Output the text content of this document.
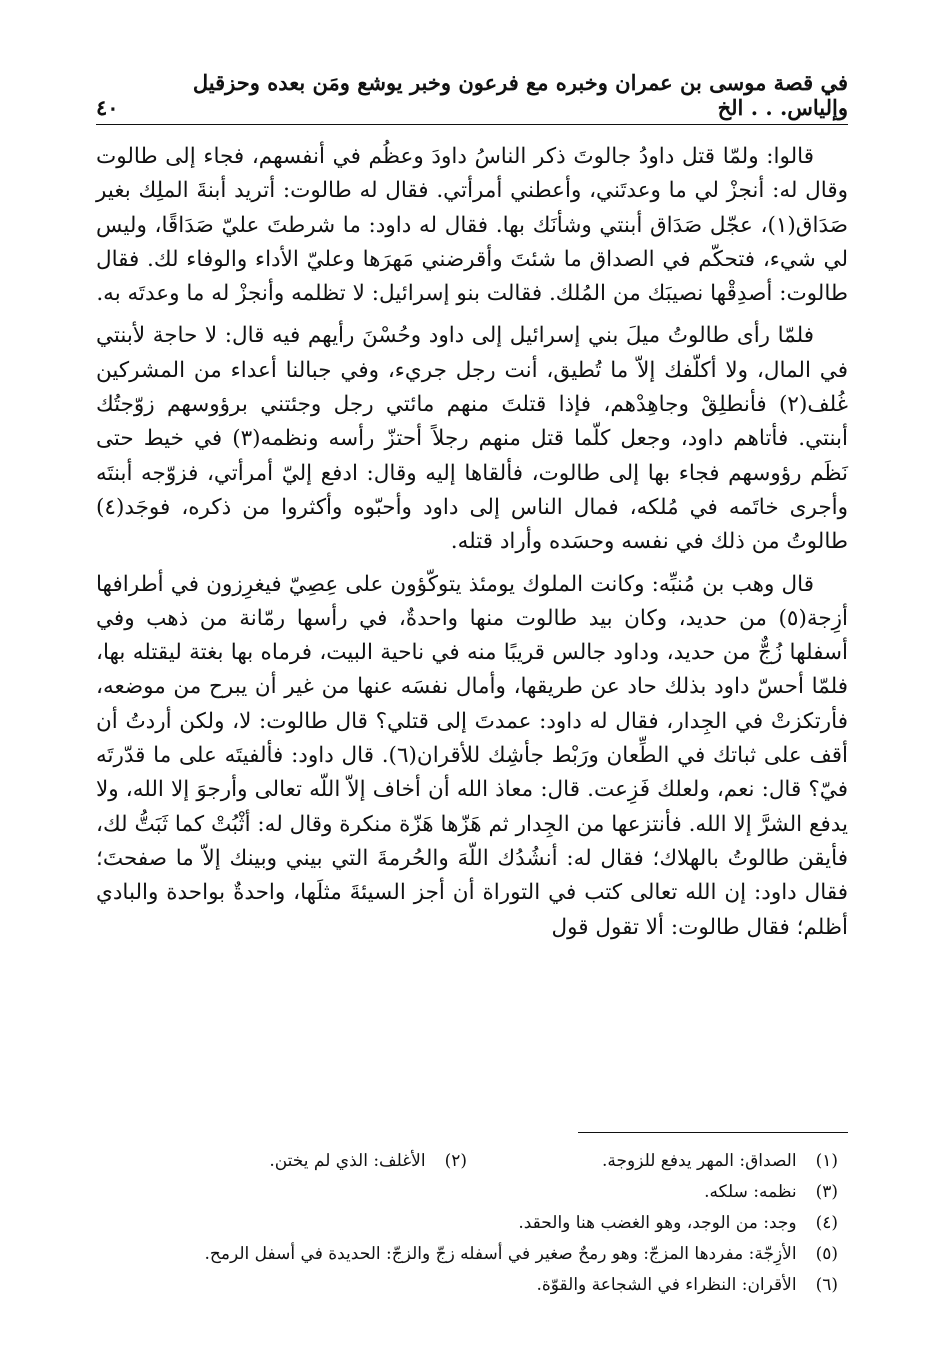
في قصة موسى بن عمران وخبره مع فرعون وخبر يوشع ومَن بعده وحزقيل وإلياس. . . الخ
٤٠

قالوا: ولمّا قتل داودُ جالوتَ ذكر الناسُ داودَ وعظُم في أنفسهم، فجاء إلى طالوت وقال له: أنجزْ لي ما وعدتَني، وأعطني أمرأتي. فقال له طالوت: أتريد أبنةَ الملِك بغير صَدَاق(١)، عجّل صَدَاق أبنتي وشأنَك بها. فقال له داود: ما شرطتَ عليّ صَدَاقًا، وليس لي شيء، فتحكّم في الصداق ما شئتَ وأقرضني مَهرَها وعليّ الأداء والوفاء لك. فقال طالوت: أصدِقْها نصيبَك من المُلك. فقالت بنو إسرائيل: لا تظلمه وأنجزْ له ما وعدتَه به.

فلمّا رأى طالوتُ ميلَ بني إسرائيل إلى داود وحُسْنَ رأيهم فيه قال: لا حاجة لأبنتي في المال، ولا أكلّفك إلاّ ما تُطيق، أنت رجل جريء، وفي جبالنا أعداء من المشركين غُلف(٢) فأنطلِقْ وجاهِدْهم، فإذا قتلتَ منهم مائتي رجل وجئتني برؤوسهم زوّجتُك أبنتي. فأتاهم داود، وجعل كلّما قتل منهم رجلاً أحتزّ رأسه ونظمه(٣) في خيط حتى نَظَم رؤوسهم فجاء بها إلى طالوت، فألقاها إليه وقال: ادفع إليّ أمرأتي، فزوّجه أبنتَه وأجرى خاتَمه في مُلكه، فمال الناس إلى داود وأحبّوه وأكثروا من ذكره، فوجَد(٤) طالوتُ من ذلك في نفسه وحسَده وأراد قتله.

قال وهب بن مُنبِّه: وكانت الملوك يومئذ يتوكّؤون على عِصِيّ فيغرِزون في أطرافها أزِجة(٥) من حديد، وكان بيد طالوت منها واحدةٌ، في رأسها رمّانة من ذهب وفي أسفلها زُجٌّ من حديد، وداود جالس قريبًا منه في ناحية البيت، فرماه بها بغتة ليقتله بها، فلمّا أحسّ داود بذلك حاد عن طريقها، وأمال نفسَه عنها من غير أن يبرح من موضعه، فأرتكزتْ في الجِدار، فقال له داود: عمدتَ إلى قتلي؟ قال طالوت: لا، ولكن أردتُ أن أقف على ثباتك في الطِّعان ورَبْط جأشِك للأقران(٦). قال داود: فألفيتَه على ما قدّرتَه فيّ؟ قال: نعم، ولعلك فَزِعت. قال: معاذ الله أن أخاف إلاّ اللّه تعالى وأرجوَ إلا الله، ولا يدفع الشرَّ إلا الله. فأنتزعها من الجِدار ثم هَزّها هَزّة منكرة وقال له: أثْبُتْ كما ثَبَتُّ لك، فأيقن طالوتُ بالهلاك؛ فقال له: أنشُدُك اللّهَ والحُرمةَ التي بيني وبينك إلاّ ما صفحتَ؛ فقال داود: إن الله تعالى كتب في التوراة أن أجز السيئةَ مثلَها، واحدةٌ بواحدة والبادي أظلم؛ فقال طالوت: ألا تقول قول

(١) الصداق: المهر يدفع للزوجة.
(٢) الأغلف: الذي لم يختن.
(٣) نظمه: سلكه.
(٤) وجد: من الوجد، وهو الغضب هنا والحقد.
(٥) الأزِجّة: مفردها المزجّ: وهو رمحٌ صغير في أسفله زجّ والزجّ: الحديدة في أسفل الرمح.
(٦) الأقران: النظراء في الشجاعة والقوّة.
